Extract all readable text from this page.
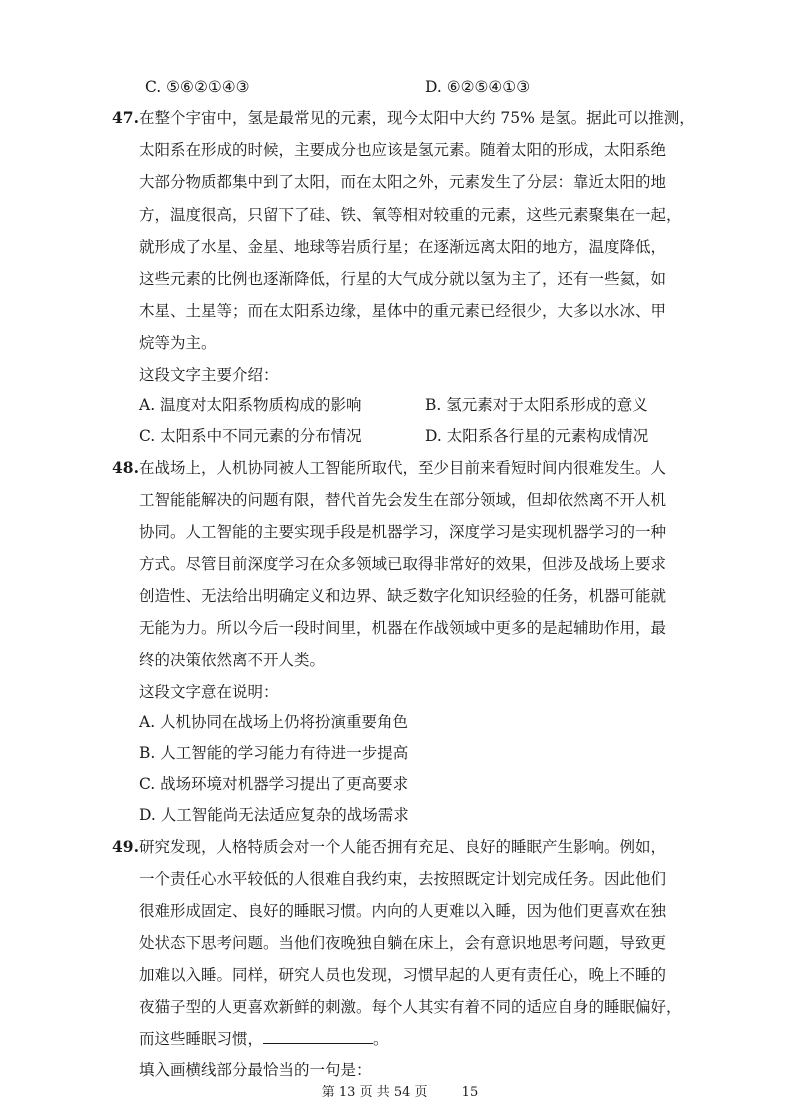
C. ⑤⑥②①④③	D. ⑥②⑤④①③
47. 在整个宇宙中，氢是最常见的元素，现今太阳中大约 75% 是氢。据此可以推测，
太阳系在形成的时候，主要成分也应该是氢元素。随着太阳的形成，太阳系绝
大部分物质都集中到了太阳，而在太阳之外，元素发生了分层：靠近太阳的地
方，温度很高，只留下了硅、铁、氧等相对较重的元素，这些元素聚集在一起，
就形成了水星、金星、地球等岩质行星；在逐渐远离太阳的地方，温度降低，
这些元素的比例也逐渐降低，行星的大气成分就以氢为主了，还有一些氦，如
木星、土星等；而在太阳系边缘，星体中的重元素已经很少，大多以水冰、甲
烷等为主。
这段文字主要介绍：
A. 温度对太阳系物质构成的影响	B. 氢元素对于太阳系形成的意义
C. 太阳系中不同元素的分布情况	D. 太阳系各行星的元素构成情况
48. 在战场上，人机协同被人工智能所取代，至少目前来看短时间内很难发生。人
工智能能解决的问题有限，替代首先会发生在部分领域，但却依然离不开人机
协同。人工智能的主要实现手段是机器学习，深度学习是实现机器学习的一种
方式。尽管目前深度学习在众多领域已取得非常好的效果，但涉及战场上要求
创造性、无法给出明确定义和边界、缺乏数字化知识经验的任务，机器可能就
无能为力。所以今后一段时间里，机器在作战领域中更多的是起辅助作用，最
终的决策依然离不开人类。
这段文字意在说明：
A. 人机协同在战场上仍将扮演重要角色
B. 人工智能的学习能力有待进一步提高
C. 战场环境对机器学习提出了更高要求
D. 人工智能尚无法适应复杂的战场需求
49. 研究发现，人格特质会对一个人能否拥有充足、良好的睡眠产生影响。例如，
一个责任心水平较低的人很难自我约束，去按照既定计划完成任务。因此他们
很难形成固定、良好的睡眠习惯。内向的人更难以入睡，因为他们更喜欢在独
处状态下思考问题。当他们夜晚独自躺在床上，会有意识地思考问题，导致更
加难以入睡。同样，研究人员也发现，习惯早起的人更有责任心，晚上不睡的
夜猫子型的人更喜欢新鲜的刺激。每个人其实有着不同的适应自身的睡眠偏好，
而这些睡眠习惯，	。
填入画横线部分最恰当的一句是：
第 13 页 共 54 页	15
